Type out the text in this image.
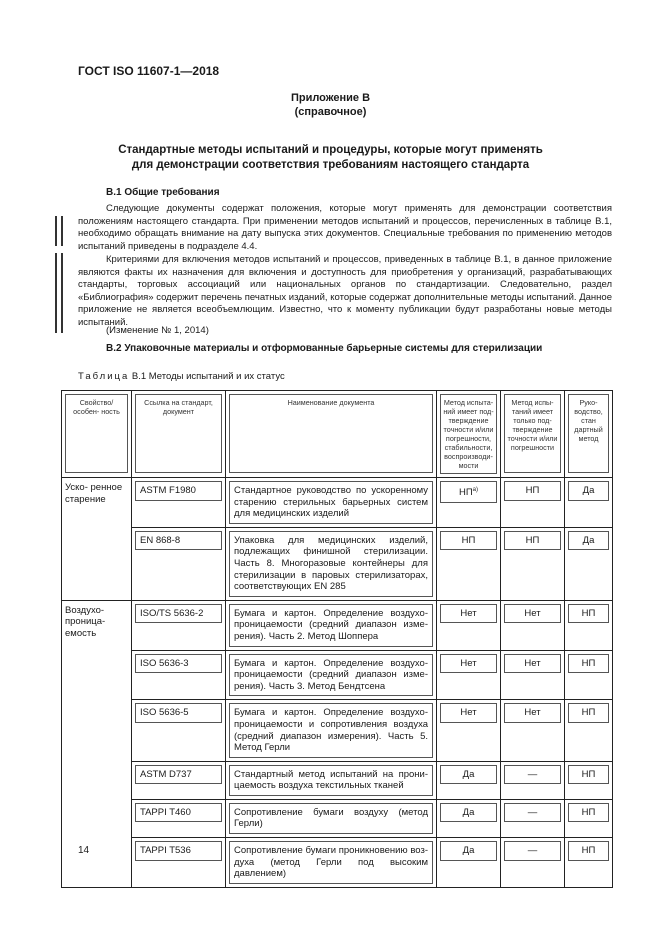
ГОСТ ISO 11607-1—2018
Приложение В
(справочное)
Стандартные методы испытаний и процедуры, которые могут применять
для демонстрации соответствия требованиям настоящего стандарта
В.1 Общие требования

Следующие документы содержат положения, которые могут применять для демонстрации соответствия положениям настоящего стандарта. При применении методов испытаний и процессов, перечисленных в таблице В.1, необходимо обращать внимание на дату выпуска этих документов. Специальные требования по применению методов испытаний приведены в подразделе 4.4.

Критериями для включения методов испытаний и процессов, приведенных в таблице В.1, в данное приложение являются факты их назначения для включения и доступность для приобретения у организаций, разрабатывающих стандарты, торговых ассоциаций или национальных органов по стандартизации. Следовательно, раздел «Библиография» содержит перечень печатных изданий, которые содержат дополнительные методы испытаний. Данное приложение не является всеобъемлющим. Известно, что к моменту публикации будут разработаны новые методы испытаний.

(Изменение № 1, 2014)

В.2 Упаковочные материалы и отформованные барьерные системы для стерилизации
Таблица В.1 Методы испытаний и их статус
Свойство/ особен- ность	Ссылка на стандарт, документ	Наименование документа	Метод испыта- ний имеет под- тверждение точности и/или погрешности, стабильности, воспроизводи- мости	Метод испы- таний имеет только под- тверждение точности и/или погрешности	Руко- водство, стан дартный метод

Уско- ренное старение	ASTM F1980	Стандартное руководство по ускоренному старению стерильных барьерных систем для медицинских изделий	$НП^{а)}$	НП	Да

	EN 868-8	Упаковка для медицинских изделий, подлежащих финишной стерилизации. Часть 8. Многоразовые контейнеры для стерилизации в паровых стерилизаторах, соответствующих EN 285	НП	НП	Да

Воздухо- проница- емость	ISO/TS 5636-2	Бумага и картон. Определение воздухо-проницаемости (средний диапазон изме-рения). Часть 2. Метод Шоппера	Нет	Нет	НП

	ISO 5636-3	Бумага и картон. Определение воздухо-проницаемости (средний диапазон изме-рения). Часть 3. Метод Бендтсена	Нет	Нет	НП

	ISO 5636-5	Бумага и картон. Определение воздухо-проницаемости и сопротивления воздуха (средний диапазон измерения). Часть 5. Метод Герли	Нет	Нет	НП

	ASTM D737	Стандартный метод испытаний на прони-цаемость воздуха текстильных тканей	Да	—	НП

	TAPPI T460	Сопротивление бумаги воздуху (метод Герли)	Да	—	НП

	TAPPI T536	Сопротивление бумаги проникновению воз-духа (метод Герли под высоким давлением)	Да	—	НП
14
